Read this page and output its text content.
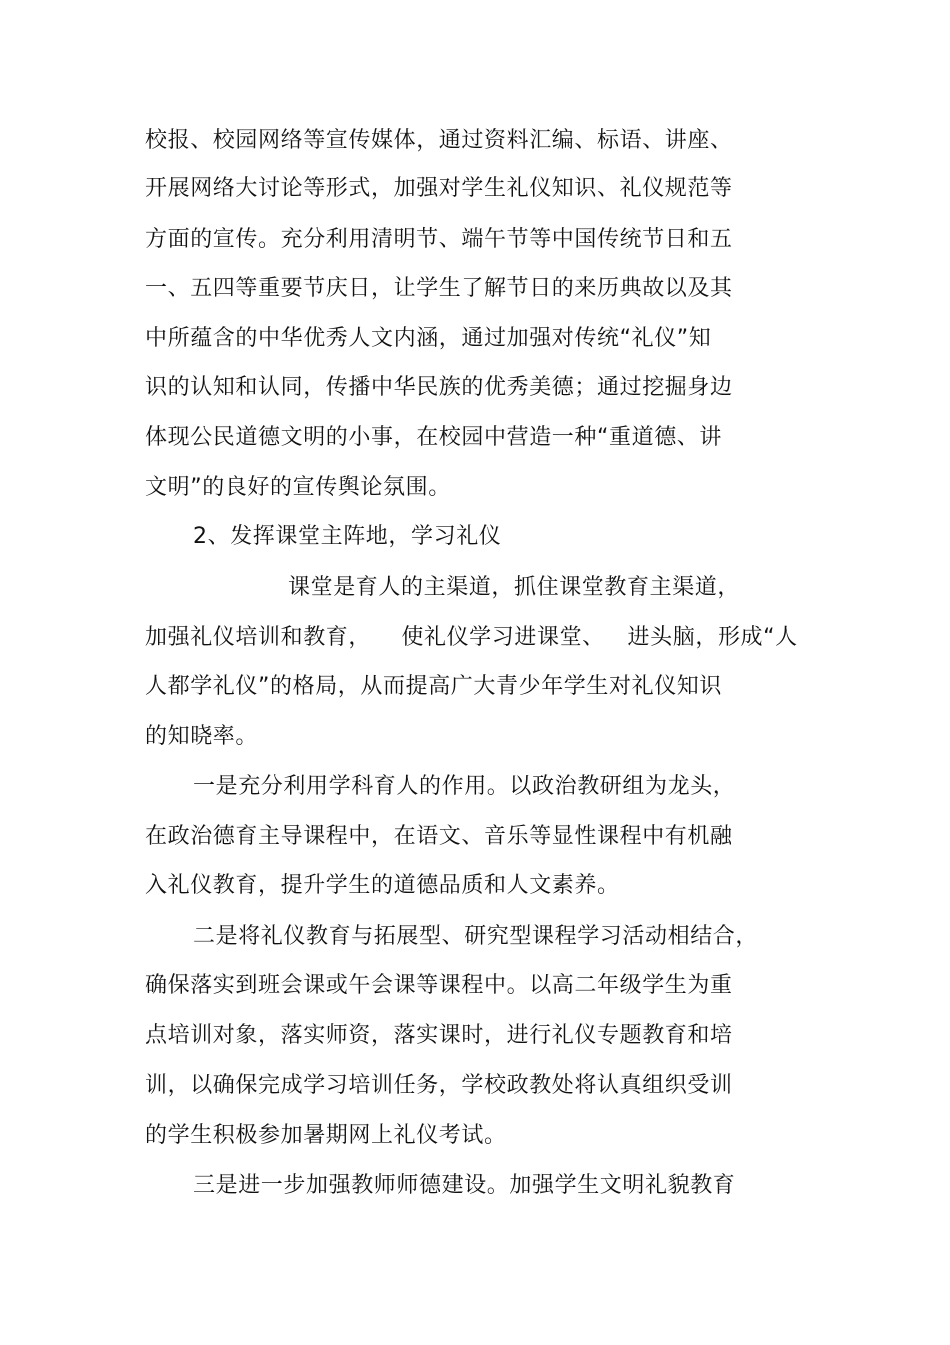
校报、校园网络等宣传媒体，通过资料汇编、标语、讲座、
开展网络大讨论等形式，加强对学生礼仪知识、礼仪规范等
方面的宣传。充分利用清明节、端午节等中国传统节日和五
一、五四等重要节庆日，让学生了解节日的来历典故以及其
中所蕴含的中华优秀人文内涵，通过加强对传统“礼仪”知
识的认知和认同，传播中华民族的优秀美德；通过挖掘身边
体现公民道德文明的小事，在校园中营造一种“重道德、讲
文明”的良好的宣传舆论氛围。
2、发挥课堂主阵地，学习礼仪
课堂是育人的主渠道，抓住课堂教育主渠道，
加强礼仪培训和教育，    使礼仪学习进课堂、   进头脑，形成“人
人都学礼仪”的格局，从而提高广大青少年学生对礼仪知识
的知晓率。
一是充分利用学科育人的作用。以政治教研组为龙头，
在政治德育主导课程中，在语文、音乐等显性课程中有机融
入礼仪教育，提升学生的道德品质和人文素养。
二是将礼仪教育与拓展型、研究型课程学习活动相结合，
确保落实到班会课或午会课等课程中。以高二年级学生为重
点培训对象，落实师资，落实课时，进行礼仪专题教育和培
训，以确保完成学习培训任务，学校政教处将认真组织受训
的学生积极参加暑期网上礼仪考试。
三是进一步加强教师师德建设。加强学生文明礼貌教育
